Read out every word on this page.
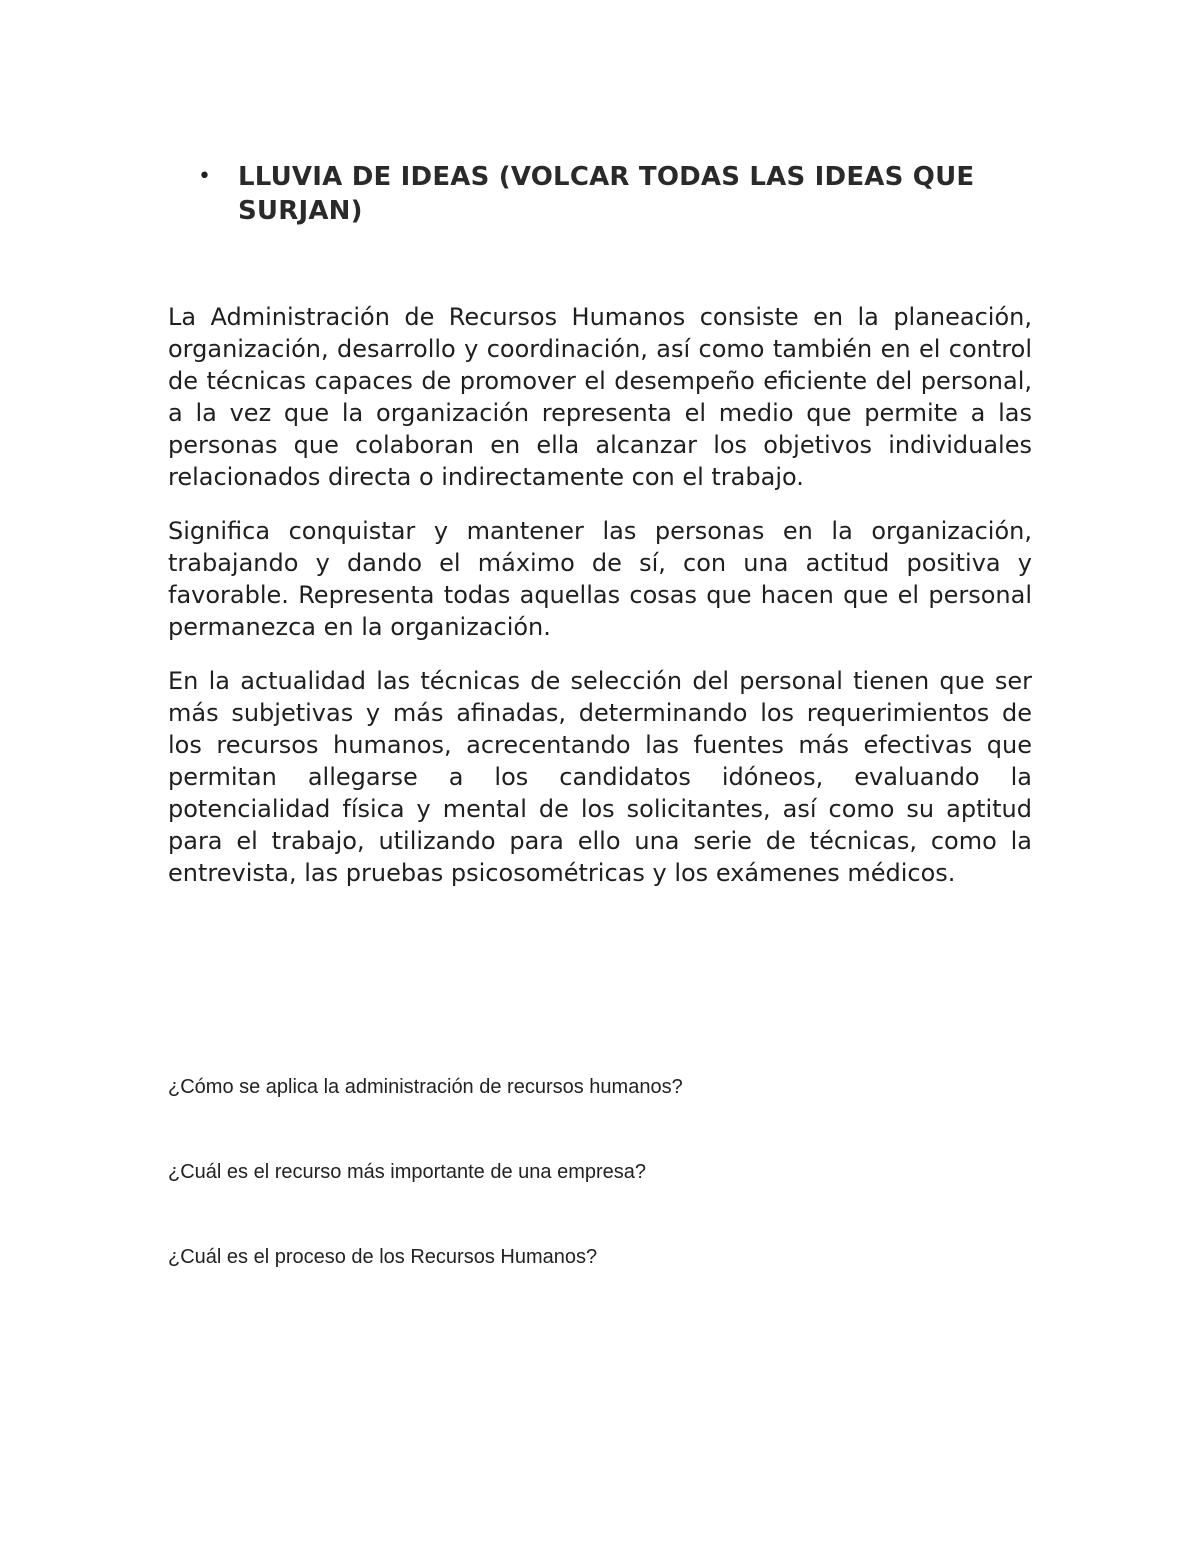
•	LLUVIA DE IDEAS (VOLCAR TODAS LAS IDEAS QUE SURJAN)

La Administración de Recursos Humanos consiste en la planeación, organización, desarrollo y coordinación, así como también en el control de técnicas capaces de promover el desempeño eficiente del personal, a la vez que la organización representa el medio que permite a las personas que colaboran en ella alcanzar los objetivos individuales relacionados directa o indirectamente con el trabajo.

Significa conquistar y mantener las personas en la organización, trabajando y dando el máximo de sí, con una actitud positiva y favorable. Representa todas aquellas cosas que hacen que el personal permanezca en la organización.

En la actualidad las técnicas de selección del personal tienen que ser más subjetivas y más afinadas, determinando los requerimientos de los recursos humanos, acrecentando las fuentes más efectivas que permitan allegarse a los candidatos idóneos, evaluando la potencialidad física y mental de los solicitantes, así como su aptitud para el trabajo, utilizando para ello una serie de técnicas, como la entrevista, las pruebas psicosométricas y los exámenes médicos.

¿Cómo se aplica la administración de recursos humanos?

¿Cuál es el recurso más importante de una empresa?

¿Cuál es el proceso de los Recursos Humanos?
